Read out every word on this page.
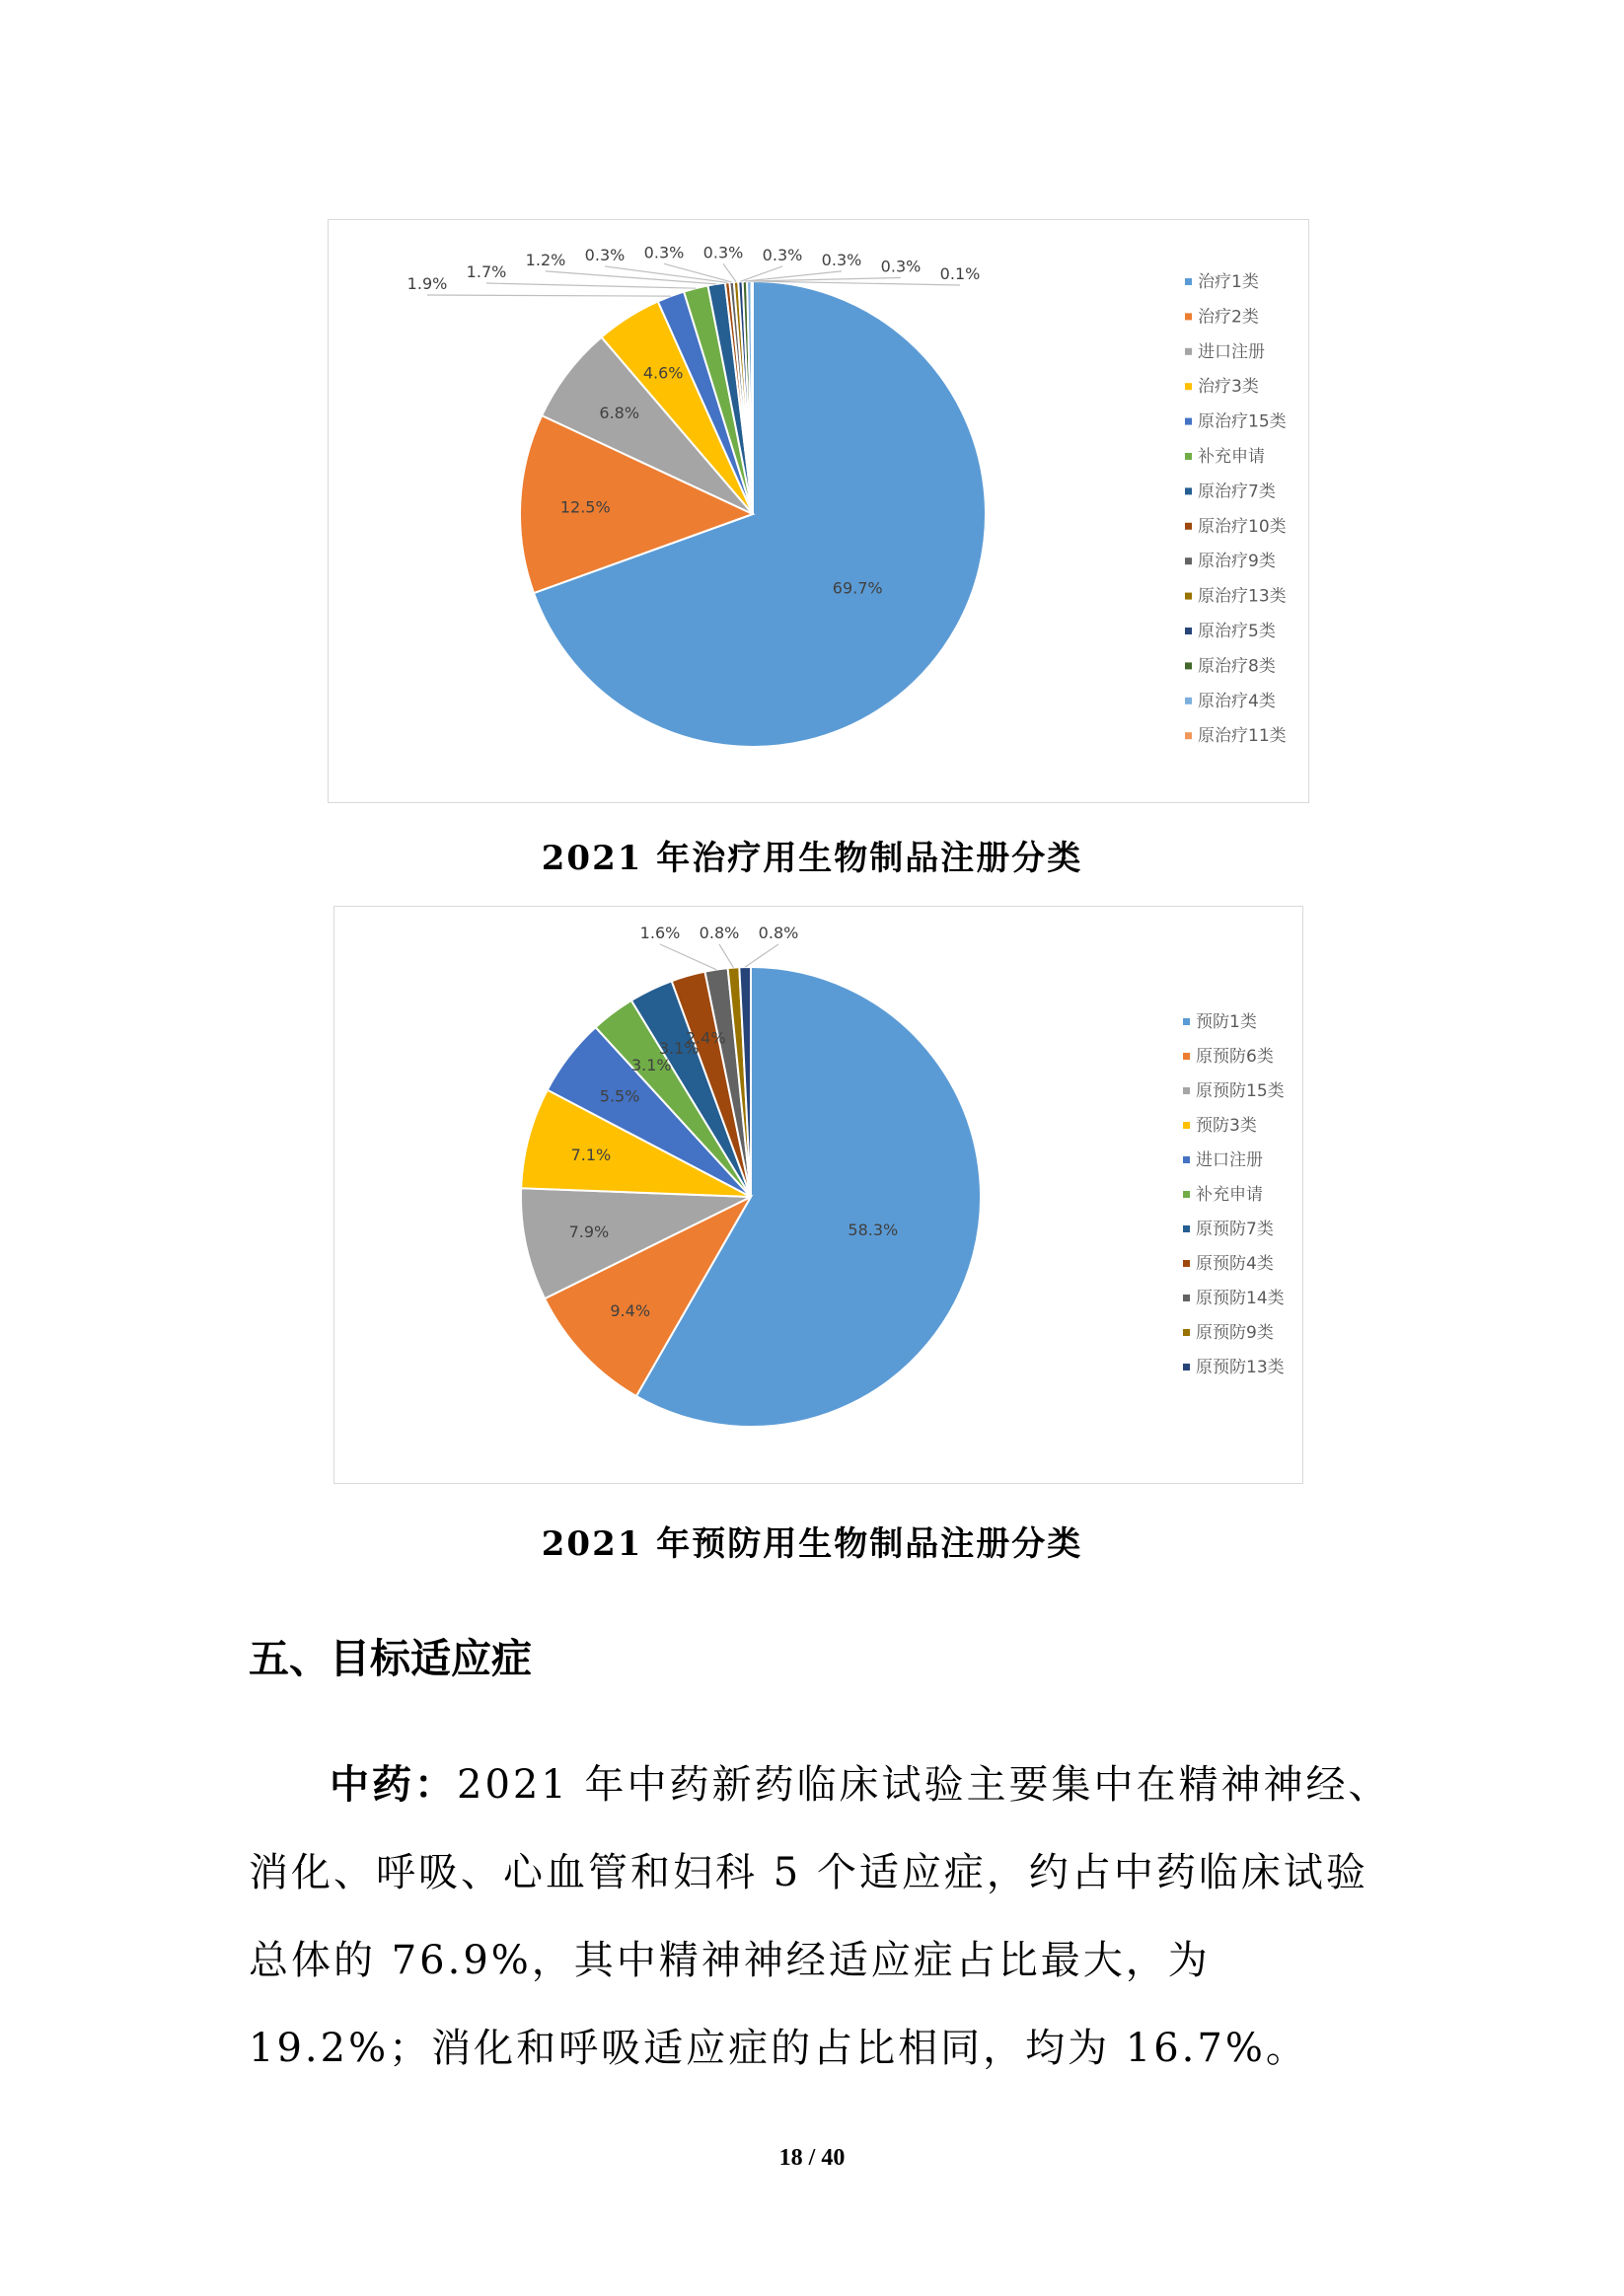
69.7%
12.5%
6.8%
4.6%
1.9%
1.7%
1.2% 0.3% 0.3% 0.3% 0.3% 0.3% 0.3% 0.1%	治疗1类
治疗2类
进口注册
治疗3类
原治疗15类
补充申请
原治疗7类
原治疗10类
原治疗9类
原治疗13类
原治疗5类
原治疗8类
原治疗4类
原治疗11类
2021 年治疗用生物制品注册分类
58.3%
9.4%
7.9%
7.1%
5.5%
3.1%
3.1%
2.4%
1.6% 0.8% 0.8%
预防1类
原预防6类
原预防15类
预防3类
进口注册
补充申请
原预防7类
原预防4类
原预防14类
原预防9类
原预防13类
2021 年预防用生物制品注册分类
五、目标适应症

中药：2021 年中药新药临床试验主要集中在精神神经、消化、呼吸、心血管和妇科 5 个适应症，约占中药临床试验总体的 76.9%，其中精神神经适应症占比最大，为 19.2%；消化和呼吸适应症的占比相同，均为 16.7%。

18 / 40
